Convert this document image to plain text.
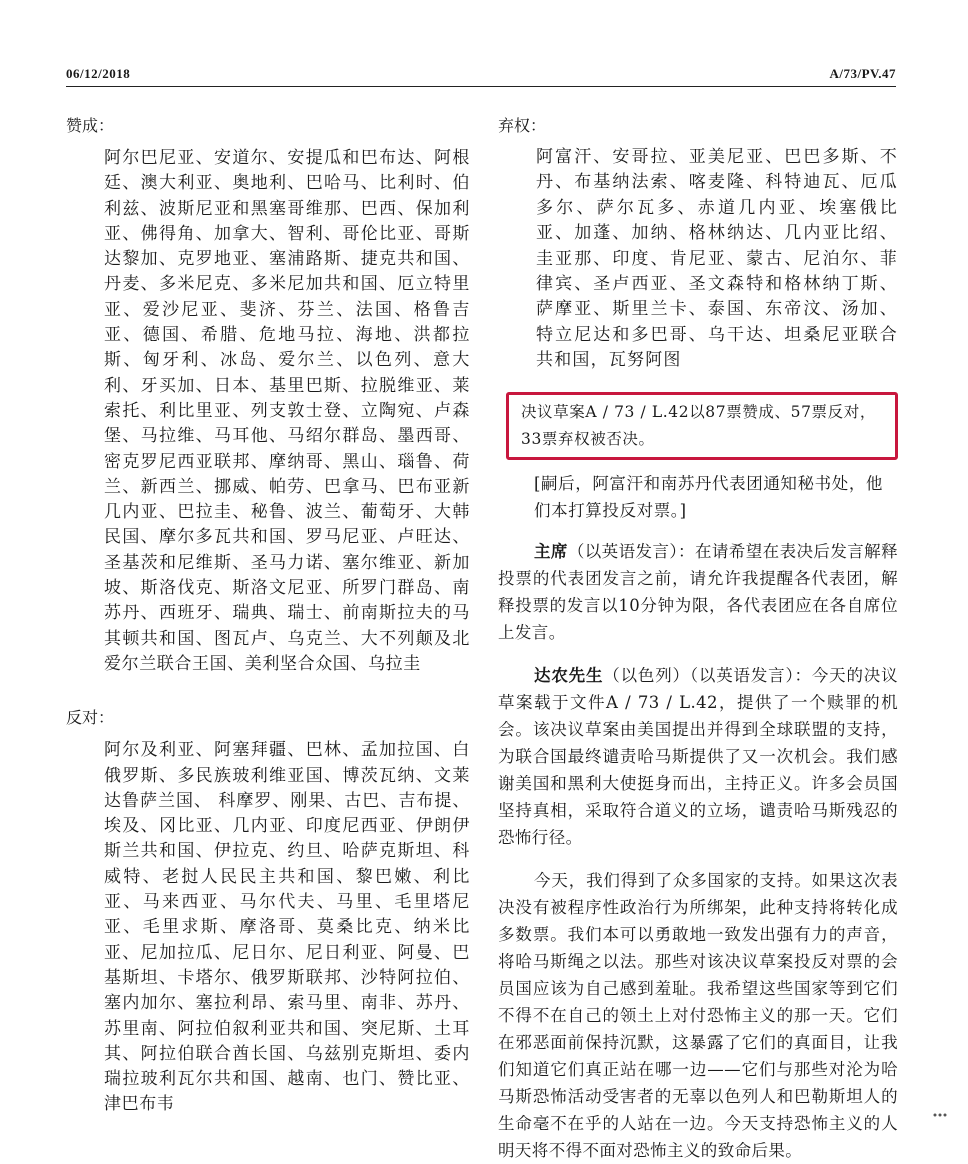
06/12/2018	A/73/PV.47

赞成：

阿尔巴尼亚、安道尔、安提瓜和巴布达、阿根廷、澳大利亚、奥地利、巴哈马、比利时、伯利兹、波斯尼亚和黑塞哥维那、巴西、保加利亚、佛得角、加拿大、智利、哥伦比亚、哥斯达黎加、克罗地亚、塞浦路斯、捷克共和国、丹麦、多米尼克、多米尼加共和国、厄立特里亚、爱沙尼亚、斐济、芬兰、法国、格鲁吉亚、德国、希腊、危地马拉、海地、洪都拉斯、匈牙利、冰岛、爱尔兰、以色列、意大利、牙买加、日本、基里巴斯、拉脱维亚、莱索托、利比里亚、列支敦士登、立陶宛、卢森堡、马拉维、马耳他、马绍尔群岛、墨西哥、密克罗尼西亚联邦、摩纳哥、黑山、瑙鲁、荷兰、新西兰、挪威、帕劳、巴拿马、巴布亚新几内亚、巴拉圭、秘鲁、波兰、葡萄牙、大韩民国、摩尔多瓦共和国、罗马尼亚、卢旺达、圣基茨和尼维斯、圣马力诺、塞尔维亚、新加坡、斯洛伐克、斯洛文尼亚、所罗门群岛、南苏丹、西班牙、瑞典、瑞士、前南斯拉夫的马其顿共和国、图瓦卢、乌克兰、大不列颠及北爱尔兰联合王国、美利坚合众国、乌拉圭

反对：

阿尔及利亚、阿塞拜疆、巴林、孟加拉国、白俄罗斯、多民族玻利维亚国、博茨瓦纳、文莱达鲁萨兰国、 科摩罗、刚果、古巴、吉布提、埃及、冈比亚、几内亚、印度尼西亚、伊朗伊斯兰共和国、伊拉克、约旦、哈萨克斯坦、科威特、老挝人民民主共和国、黎巴嫩、利比亚、马来西亚、马尔代夫、马里、毛里塔尼亚、毛里求斯、摩洛哥、莫桑比克、纳米比亚、尼加拉瓜、尼日尔、尼日利亚、阿曼、巴基斯坦、卡塔尔、俄罗斯联邦、沙特阿拉伯、塞内加尔、塞拉利昂、索马里、南非、苏丹、苏里南、阿拉伯叙利亚共和国、突尼斯、土耳其、阿拉伯联合酋长国、乌兹别克斯坦、委内瑞拉玻利瓦尔共和国、越南、也门、赞比亚、津巴布韦

弃权：

阿富汗、安哥拉、亚美尼亚、巴巴多斯、不丹、布基纳法索、喀麦隆、科特迪瓦、厄瓜多尔、萨尔瓦多、赤道几内亚、埃塞俄比亚、加蓬、加纳、格林纳达、几内亚比绍、圭亚那、印度、肯尼亚、蒙古、尼泊尔、菲律宾、圣卢西亚、圣文森特和格林纳丁斯、萨摩亚、斯里兰卡、泰国、东帝汶、汤加、特立尼达和多巴哥、乌干达、坦桑尼亚联合共和国，瓦努阿图

决议草案A / 73 / L.42以87票赞成、57票反对，33票弃权被否决。

[嗣后，阿富汗和南苏丹代表团通知秘书处，他们本打算投反对票。]

主席（以英语发言）：在请希望在表决后发言解释投票的代表团发言之前，请允许我提醒各代表团，解释投票的发言以10分钟为限，各代表团应在各自席位上发言。

达农先生（以色列）（以英语发言）：今天的决议草案载于文件A / 73 / L.42，提供了一个赎罪的机会。该决议草案由美国提出并得到全球联盟的支持，为联合国最终谴责哈马斯提供了又一次机会。我们感谢美国和黑利大使挺身而出，主持正义。许多会员国坚持真相，采取符合道义的立场，谴责哈马斯残忍的恐怖行径。

今天，我们得到了众多国家的支持。如果这次表决没有被程序性政治行为所绑架，此种支持将转化成多数票。我们本可以勇敢地一致发出强有力的声音，将哈马斯绳之以法。那些对该决议草案投反对票的会员国应该为自己感到羞耻。我希望这些国家等到它们不得不在自己的领土上对付恐怖主义的那一天。它们在邪恶面前保持沉默，这暴露了它们的真面目，让我们知道它们真正站在哪一边——它们与那些对沦为哈马斯恐怖活动受害者的无辜以色列人和巴勒斯坦人的生命毫不在乎的人站在一边。今天支持恐怖主义的人明天将不得不面对恐怖主义的致命后果。
